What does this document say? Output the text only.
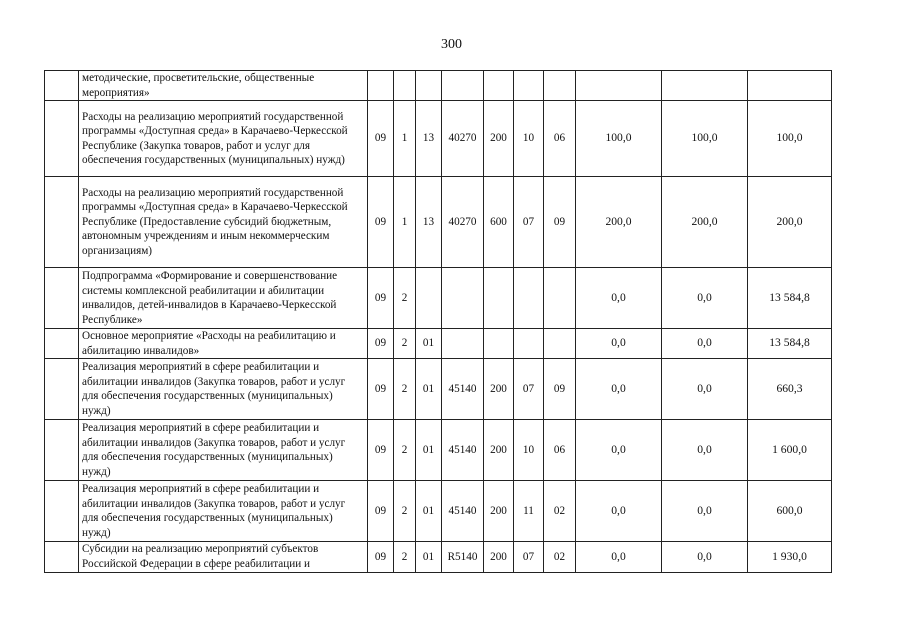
300
	методические, просветительские, общественные мероприятия»										
	Расходы на реализацию мероприятий государственной программы «Доступная среда» в Карачаево-Черкесской Республике (Закупка товаров, работ и услуг для обеспечения государственных (муниципальных) нужд)	09	1	13	40270	200	10	06	100,0	100,0	100,0
	Расходы на реализацию мероприятий государственной программы «Доступная среда» в Карачаево-Черкесской Республике (Предоставление субсидий бюджетным, автономным учреждениям и иным некоммерческим организациям)	09	1	13	40270	600	07	09	200,0	200,0	200,0
	Подпрограмма «Формирование и совершенствование системы комплексной реабилитации и абилитации инвалидов, детей-инвалидов в Карачаево-Черкесской Республике»	09	2						0,0	0,0	13 584,8
	Основное мероприятие «Расходы на реабилитацию и абилитацию инвалидов»	09	2	01					0,0	0,0	13 584,8
	Реализация мероприятий в сфере реабилитации и абилитации инвалидов (Закупка товаров, работ и услуг для обеспечения государственных (муниципальных) нужд)	09	2	01	45140	200	07	09	0,0	0,0	660,3
	Реализация мероприятий в сфере реабилитации и абилитации инвалидов (Закупка товаров, работ и услуг для обеспечения государственных (муниципальных) нужд)	09	2	01	45140	200	10	06	0,0	0,0	1 600,0
	Реализация мероприятий в сфере реабилитации и абилитации инвалидов (Закупка товаров, работ и услуг для обеспечения государственных (муниципальных) нужд)	09	2	01	45140	200	11	02	0,0	0,0	600,0
	Субсидии на реализацию мероприятий субъектов Российской Федерации в сфере реабилитации и	09	2	01	R5140	200	07	02	0,0	0,0	1 930,0
